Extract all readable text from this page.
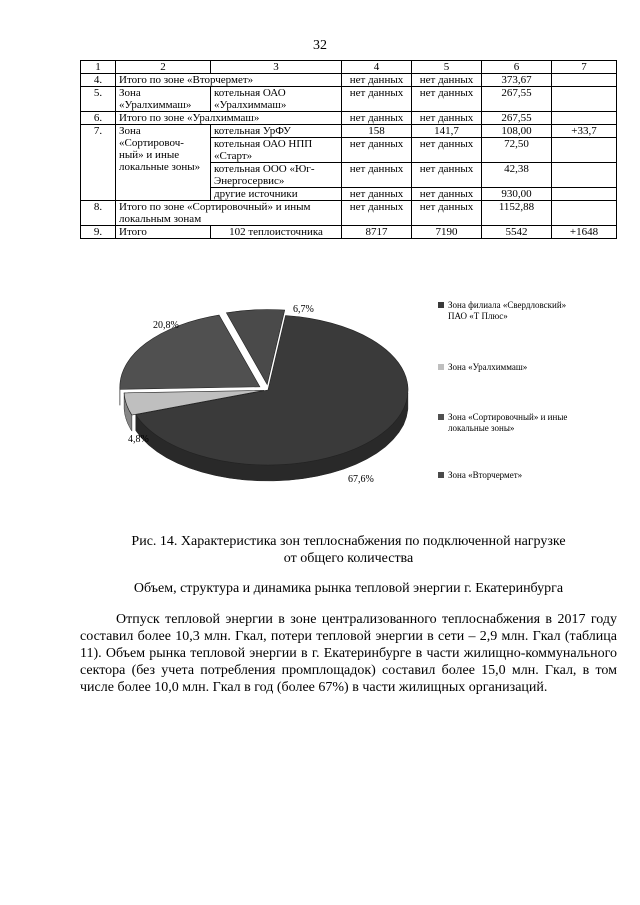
32
1	2	3	4	5	6	7
4.	Итого по зоне «Вторчермет»		нет данных	нет данных	373,67	
5.	Зона «Уралхиммаш»	котельная ОАО «Уралхиммаш»	нет данных	нет данных	267,55	
6.	Итого по зоне «Уралхиммаш»		нет данных	нет данных	267,55	
7.	Зона «Сортировоч-ный» и иные локальные зоны»	котельная УрФУ	158	141,7	108,00	+33,7
		котельная ОАО НПП «Старт»	нет данных	нет данных	72,50	
		котельная ООО «Юг-Энергосервис»	нет данных	нет данных	42,38	
		другие источники	нет данных	нет данных	930,00	
8.	Итого по зоне «Сортировочный» и иным локальным зонам		нет данных	нет данных	1152,88	
9.	Итого	102 теплоисточника	8717	7190	5542	+1648
67,6%
4,8%
20,8%
6,7%	Зона филиала «Свердловский» ПАО «Т Плюс»
Зона «Уралхиммаш»
Зона «Сортировочный» и иные локальные зоны»
Зона «Вторчермет»
Рис. 14. Характеристика зон теплоснабжения по подключенной нагрузке
от общего количества
Объем, структура и динамика рынка тепловой энергии г. Екатеринбурга
Отпуск тепловой энергии в зоне централизованного теплоснабжения в 2017 году составил более 10,3 млн. Гкал, потери тепловой энергии в сети – 2,9 млн. Гкал (таблица 11). Объем рынка тепловой энергии в г. Екатеринбурге в части жилищно-коммунального сектора (без учета потребления промплощадок) составил более 15,0 млн. Гкал, в том числе более 10,0 млн. Гкал в год (более 67%) в части жилищных организаций.
